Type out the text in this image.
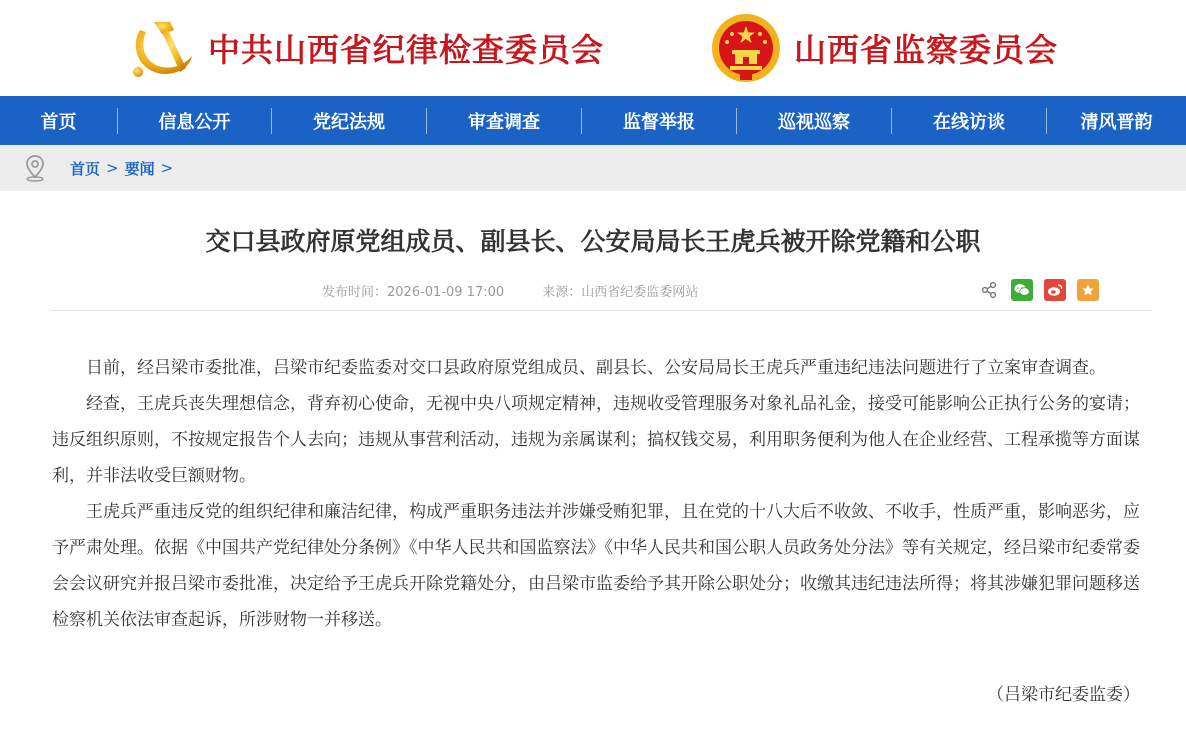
中共山西省纪律检查委员会	山西省监察委员会
首页	信息公开	党纪法规	审查调查	监督举报	巡视巡察	在线访谈	清风晋韵
首页 > 要闻 >
交口县政府原党组成员、副县长、公安局局长王虎兵被开除党籍和公职
发布时间：2026-01-09 17:00	来源：山西省纪委监委网站

日前，经吕梁市委批准，吕梁市纪委监委对交口县政府原党组成员、副县长、公安局局长王虎兵严重违纪违法问题进行了立案审查调查。

经查，王虎兵丧失理想信念，背弃初心使命，无视中央八项规定精神，违规收受管理服务对象礼品礼金，接受可能影响公正执行公务的宴请；违反组织原则，不按规定报告个人去向；违规从事营利活动，违规为亲属谋利；搞权钱交易，利用职务便利为他人在企业经营、工程承揽等方面谋利，并非法收受巨额财物。

王虎兵严重违反党的组织纪律和廉洁纪律，构成严重职务违法并涉嫌受贿犯罪，且在党的十八大后不收敛、不收手，性质严重，影响恶劣，应予严肃处理。依据《中国共产党纪律处分条例》《中华人民共和国监察法》《中华人民共和国公职人员政务处分法》等有关规定，经吕梁市纪委常委会会议研究并报吕梁市委批准，决定给予王虎兵开除党籍处分，由吕梁市监委给予其开除公职处分；收缴其违纪违法所得；将其涉嫌犯罪问题移送检察机关依法审查起诉，所涉财物一并移送。

（吕梁市纪委监委）
